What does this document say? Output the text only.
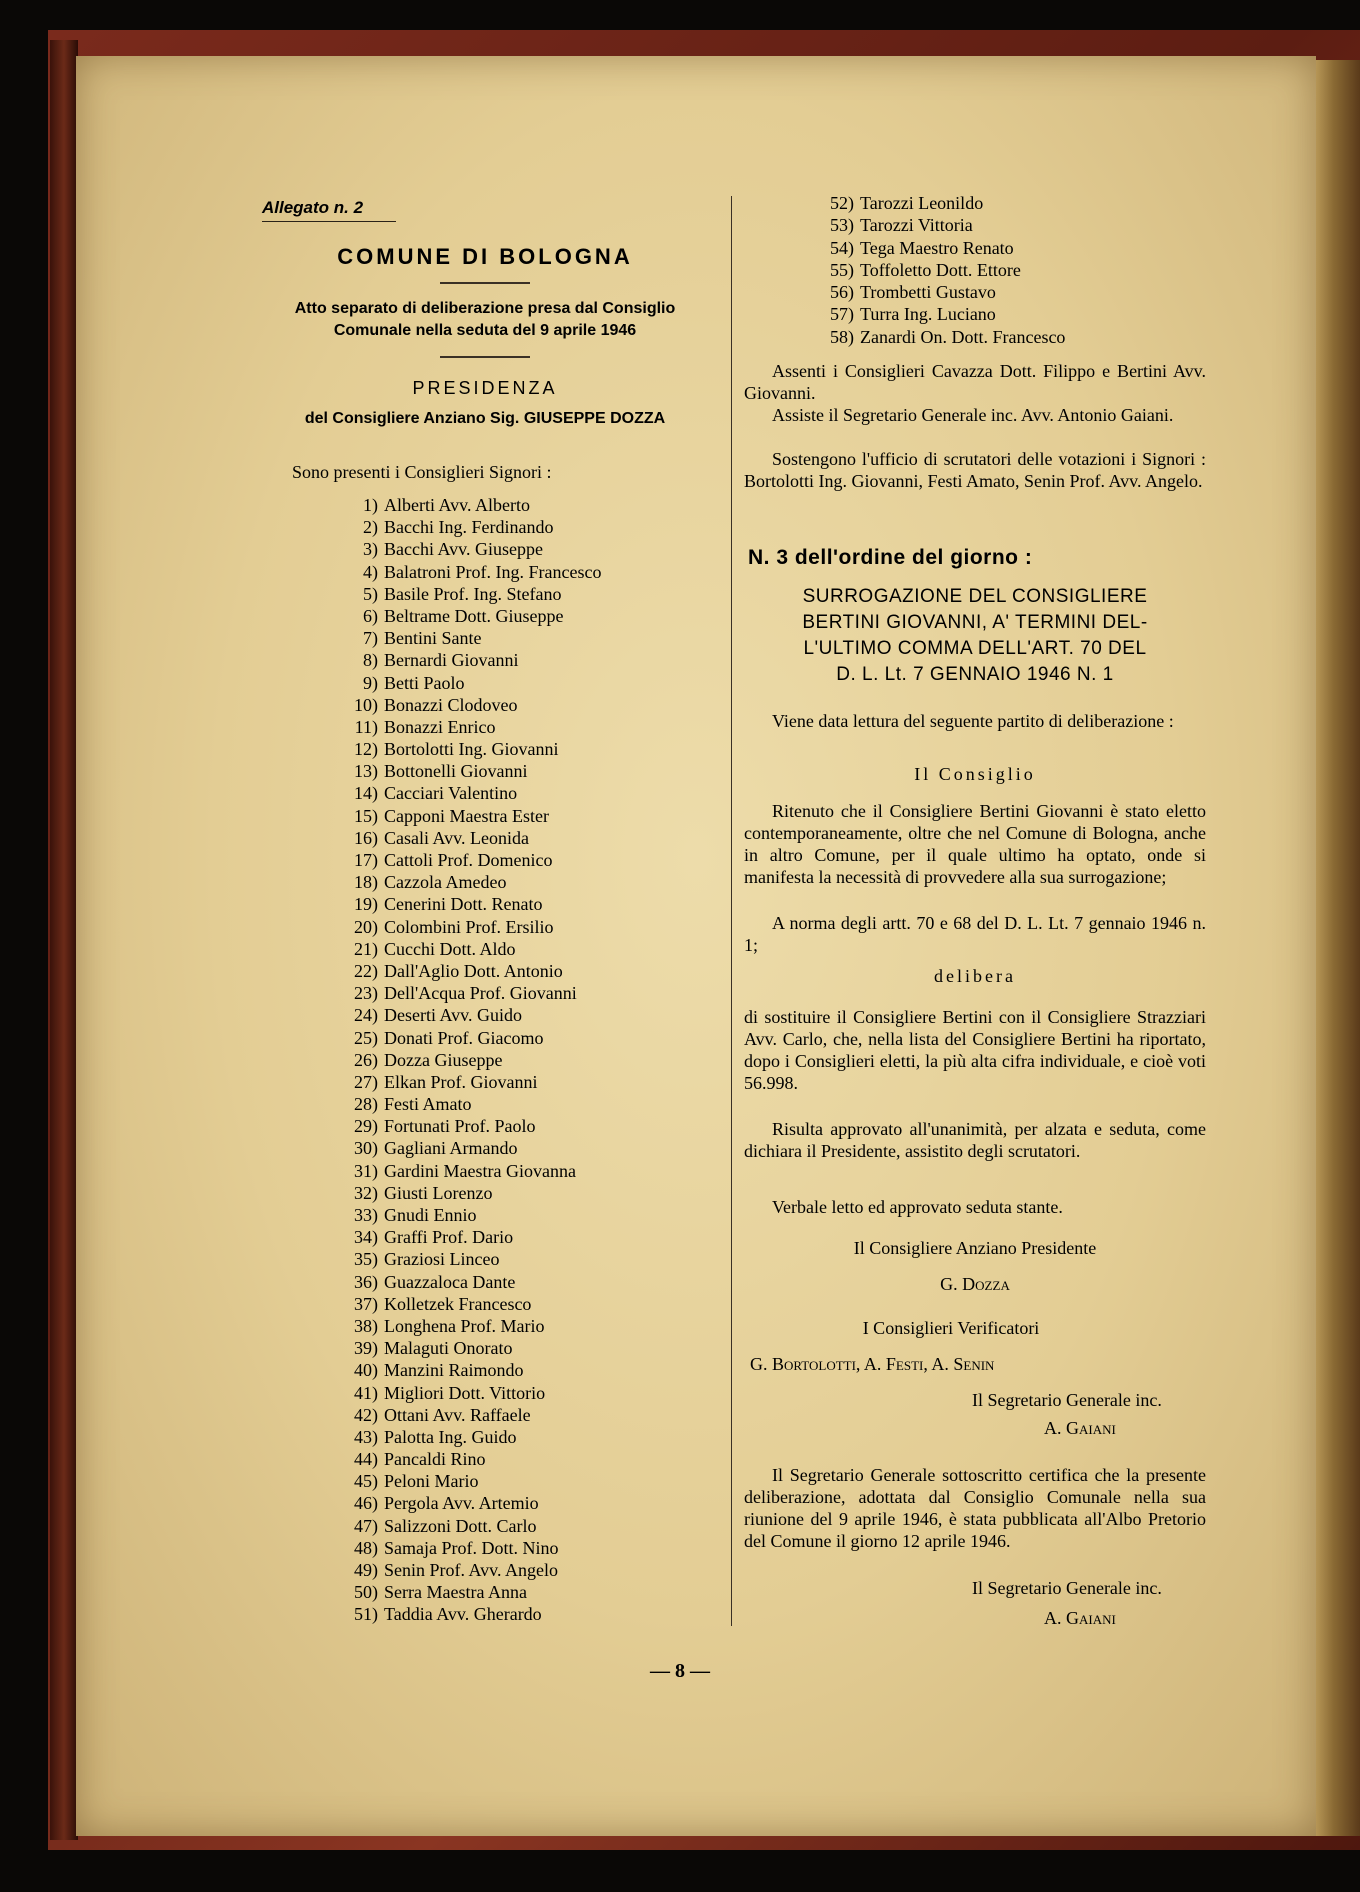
Allegato n. 2
COMUNE DI BOLOGNA
Atto separato di deliberazione presa dal Consiglio
Comunale nella seduta del 9 aprile 1946
PRESIDENZA
del Consigliere Anziano Sig. GIUSEPPE DOZZA
Sono presenti i Consiglieri Signori :
1) Alberti Avv. Alberto
2) Bacchi Ing. Ferdinando
3) Bacchi Avv. Giuseppe
4) Balatroni Prof. Ing. Francesco
5) Basile Prof. Ing. Stefano
6) Beltrame Dott. Giuseppe
7) Bentini Sante
8) Bernardi Giovanni
9) Betti Paolo
10) Bonazzi Clodoveo
11) Bonazzi Enrico
12) Bortolotti Ing. Giovanni
13) Bottonelli Giovanni
14) Cacciari Valentino
15) Capponi Maestra Ester
16) Casali Avv. Leonida
17) Cattoli Prof. Domenico
18) Cazzola Amedeo
19) Cenerini Dott. Renato
20) Colombini Prof. Ersilio
21) Cucchi Dott. Aldo
22) Dall'Aglio Dott. Antonio
23) Dell'Acqua Prof. Giovanni
24) Deserti Avv. Guido
25) Donati Prof. Giacomo
26) Dozza Giuseppe
27) Elkan Prof. Giovanni
28) Festi Amato
29) Fortunati Prof. Paolo
30) Gagliani Armando
31) Gardini Maestra Giovanna
32) Giusti Lorenzo
33) Gnudi Ennio
34) Graffi Prof. Dario
35) Graziosi Linceo
36) Guazzaloca Dante
37) Kolletzek Francesco
38) Longhena Prof. Mario
39) Malaguti Onorato
40) Manzini Raimondo
41) Migliori Dott. Vittorio
42) Ottani Avv. Raffaele
43) Palotta Ing. Guido
44) Pancaldi Rino
45) Peloni Mario
46) Pergola Avv. Artemio
47) Salizzoni Dott. Carlo
48) Samaja Prof. Dott. Nino
49) Senin Prof. Avv. Angelo
50) Serra Maestra Anna
51) Taddia Avv. Gherardo
52) Tarozzi Leonildo
53) Tarozzi Vittoria
54) Tega Maestro Renato
55) Toffoletto Dott. Ettore
56) Trombetti Gustavo
57) Turra Ing. Luciano
58) Zanardi On. Dott. Francesco
Assenti i Consiglieri Cavazza Dott. Filippo e Bertini Avv. Giovanni.
Assiste il Segretario Generale inc. Avv. Antonio Gaiani.
Sostengono l'ufficio di scrutatori delle votazioni i Signori : Bortolotti Ing. Giovanni, Festi Amato, Senin Prof. Avv. Angelo.
N. 3 dell'ordine del giorno :
SURROGAZIONE DEL CONSIGLIERE
BERTINI GIOVANNI, A' TERMINI DEL-
L'ULTIMO COMMA DELL'ART. 70 DEL
D. L. Lt. 7 GENNAIO 1946 N. 1
Viene data lettura del seguente partito di deliberazione :
Il Consiglio
Ritenuto che il Consigliere Bertini Giovanni è stato eletto contemporaneamente, oltre che nel Comune di Bologna, anche in altro Comune, per il quale ultimo ha optato, onde si manifesta la necessità di provvedere alla sua surrogazione;
A norma degli artt. 70 e 68 del D. L. Lt. 7 gennaio 1946 n. 1;
delibera
di sostituire il Consigliere Bertini con il Consigliere Strazziari Avv. Carlo, che, nella lista del Consigliere Bertini ha riportato, dopo i Consiglieri eletti, la più alta cifra individuale, e cioè voti 56.998.
Risulta approvato all'unanimità, per alzata e seduta, come dichiara il Presidente, assistito degli scrutatori.
Verbale letto ed approvato seduta stante.
Il Consigliere Anziano Presidente
G. Dozza
I Consiglieri Verificatori
G. Bortolotti, A. Festi, A. Senin
Il Segretario Generale inc.
A. Gaiani
Il Segretario Generale sottoscritto certifica che la presente deliberazione, adottata dal Consiglio Comunale nella sua riunione del 9 aprile 1946, è stata pubblicata all'Albo Pretorio del Comune il giorno 12 aprile 1946.
Il Segretario Generale inc.
A. Gaiani
— 8 —
